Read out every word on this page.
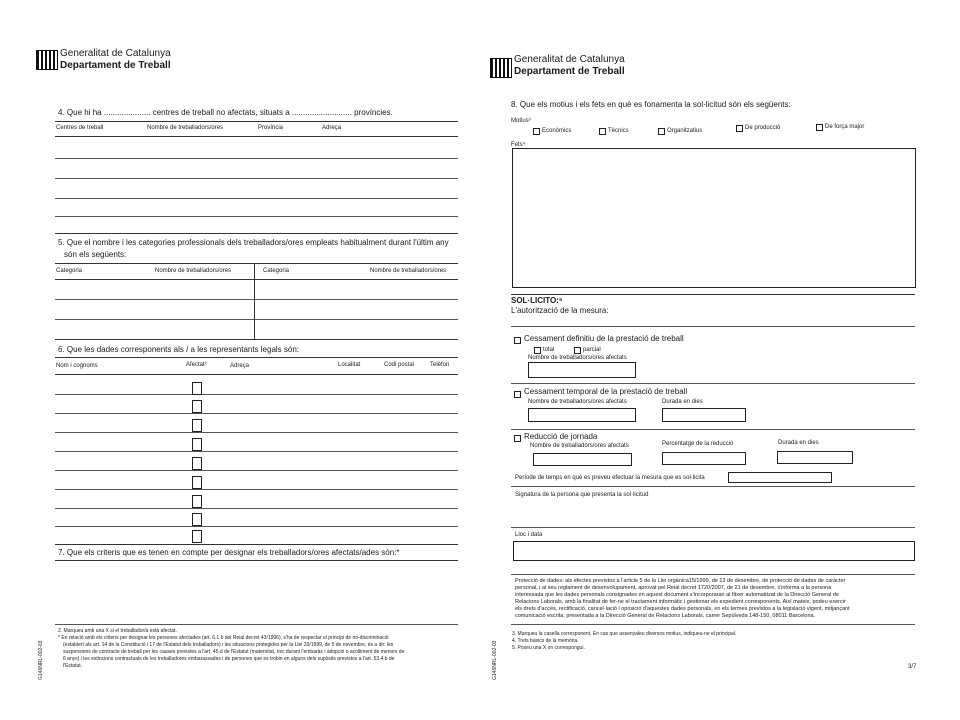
Generalitat de Catalunya
Departament de Treball
4. Que hi ha ..................... centres de treball no afectats, situats a ........................... províncies.
Centres de treball	Nombre de treballadors/ores	Província	Adreça
5. Que el nombre i les categories professionals dels treballadors/ores empleats habitualment durant l'últim any
són els següents:
Categoria	Nombre de treballadors/ores	Categoria	Nombre de treballadors/ores
6. Que les dades corresponents als / a les representants legals són:
Nom i cognoms	Afectat²	Adreça	Localitat	Codi postal	Telèfon
7. Que els criteris que es tenen en compte per designar els treballadors/ores afectats/ades són:*
2. Marqueu amb una X si el treballador/a està afectat.
* En relació amb els criteris per designar les persones afectades (art. 6.1.b del Reial decret 43/1996), s'ha de respectar el principi de no-discriminació
(establert als art. 14 de la Constitució i 17 de l'Estatut dels treballadors) i les situacions protegides per la Llei 39/1999, de 5 de novembre, és a dir: les
suspensions de contracte de treball per les causes previstes a l'art. 45.d de l'Estatut (maternitat, risc durant l'embaràs i adopció o acolliment de menors de
6 anys) i les extincions contractuals de les treballadores embarassades i de persones que es trobin en alguns dels supòsits previstos a l'art. 53.4.b de
l'Estatut.
G146NRL-002-03
Generalitat de Catalunya
Departament de Treball
8. Que els motius i els fets en què es fonamenta la sol·licitud són els següents:
Motius³
Econòmics	Tècnics	Organitzatius	De producció	De força major
Fets⁴
SOL·LICITO:⁵
L'autorització de la mesura:
Cessament definitiu de la prestació de treball
total	parcial
Nombre de treballadors/ores afectats
Cessament temporal de la prestació de treball
Nombre de treballadors/ores afectats	Durada en dies
Reducció de jornada
Nombre de treballadors/ores afectats	Percentatge de la reducció	Durada en dies
Període de temps en què es preveu efectuar la mesura que es sol·licita
Signatura de la persona que presenta la sol·licitud
Lloc i data
Protecció de dades: als efectes previstos a l'article 5 de la Llei orgànica15/1999, de 13 de desembre, de protecció de dades de caràcter
personal, i al seu reglament de desenvolupament, aprovat pel Reial decret 1720/2007, de 21 de desembre, s'informa a la persona
interessada que les dades personals consignades en aquest document s'incorporaran al fitxer automatitzat de la Direcció General de
Relacions Laborals, amb la finalitat de fer-ne el tractament informàtic i gestionar els expedient corresponents. Així mateix, podeu exercir
els drets d'accés, rectificació, cancel·lació i oposició d'aquestes dades personals, en els termes previstos a la legislació vigent, mitjançant
comunicació escrita, presentada a la Direcció General de Relacions Laborals, carrer Sepúlveda 148-150, 08011 Barcelona.
3. Marqueu la casella corresponent. En cas que assenyaleu diversos motius, indiqueu-ne el principal.
4. Trets bàsics de la memòria.
5. Poseu una X on correspongui.
3/7
G146NRL-002-03
